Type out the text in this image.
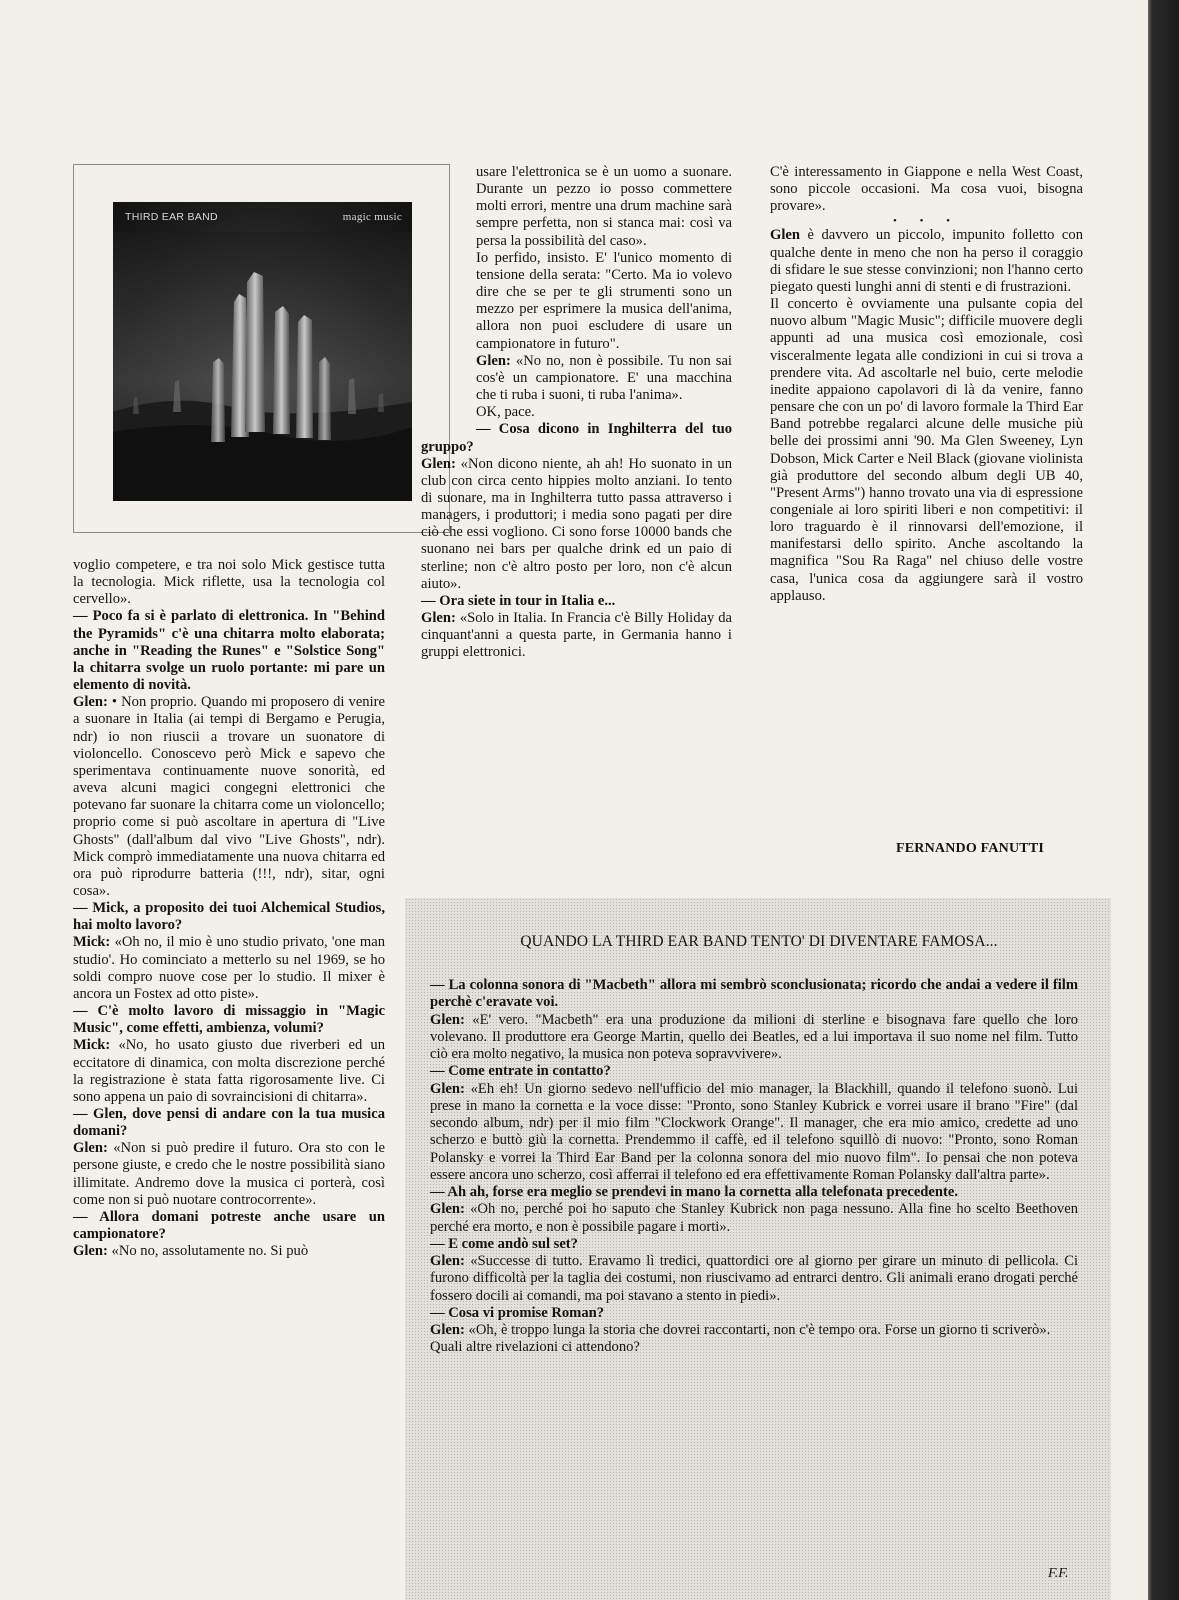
THIRD EAR BAND	magic music

voglio competere, e tra noi solo Mick gestisce tutta la tecnologia. Mick riflette, usa la tecnologia col cervello».

— Poco fa si è parlato di elettronica. In "Behind the Pyramids" c'è una chitarra molto elaborata; anche in "Reading the Runes" e "Solstice Song" la chitarra svolge un ruolo portante: mi pare un elemento di novità.

Glen: • Non proprio. Quando mi proposero di venire a suonare in Italia (ai tempi di Bergamo e Perugia, ndr) io non riuscii a trovare un suonatore di violoncello. Conoscevo però Mick e sapevo che sperimentava continuamente nuove sonorità, ed aveva alcuni magici congegni elettronici che potevano far suonare la chitarra come un violoncello; proprio come si può ascoltare in apertura di "Live Ghosts" (dall'album dal vivo "Live Ghosts", ndr). Mick comprò immediatamente una nuova chitarra ed ora può riprodurre batteria (!!!, ndr), sitar, ogni cosa».

— Mick, a proposito dei tuoi Alchemical Studios, hai molto lavoro?

Mick: «Oh no, il mio è uno studio privato, 'one man studio'. Ho cominciato a metterlo su nel 1969, se ho soldi compro nuove cose per lo studio. Il mixer è ancora un Fostex ad otto piste».

— C'è molto lavoro di missaggio in "Magic Music", come effetti, ambienza, volumi?

Mick: «No, ho usato giusto due riverberi ed un eccitatore di dinamica, con molta discrezione perché la registrazione è stata fatta rigorosamente live. Ci sono appena un paio di sovraincisioni di chitarra».

— Glen, dove pensi di andare con la tua musica domani?

Glen: «Non si può predire il futuro. Ora sto con le persone giuste, e credo che le nostre possibilità siano illimitate. Andremo dove la musica ci porterà, così come non si può nuotare controcorrente».

— Allora domani potreste anche usare un campionatore?

Glen: «No no, assolutamente no. Si può

usare l'elettronica se è un uomo a suonare. Durante un pezzo io posso commettere molti errori, mentre una drum machine sarà sempre perfetta, non si stanca mai: così va persa la possibilità del caso».

Io perfido, insisto. E' l'unico momento di tensione della serata: "Certo. Ma io volevo dire che se per te gli strumenti sono un mezzo per esprimere la musica dell'anima, allora non puoi escludere di usare un campionatore in futuro".

Glen: «No no, non è possibile. Tu non sai cos'è un campionatore. E' una macchina che ti ruba i suoni, ti ruba l'anima».

OK, pace.

— Cosa dicono in Inghilterra del tuo gruppo?

Glen: «Non dicono niente, ah ah! Ho suonato in un club con circa cento hippies molto anziani. Io tento di suonare, ma in Inghilterra tutto passa attraverso i managers, i produttori; i media sono pagati per dire ciò che essi vogliono. Ci sono forse 10000 bands che suonano nei bars per qualche drink ed un paio di sterline; non c'è altro posto per loro, non c'è alcun aiuto».

— Ora siete in tour in Italia e...

Glen: «Solo in Italia. In Francia c'è Billy Holiday da cinquant'anni a questa parte, in Germania hanno i gruppi elettronici.

C'è interessamento in Giappone e nella West Coast, sono piccole occasioni. Ma cosa vuoi, bisogna provare».

• • •

Glen è davvero un piccolo, impunito folletto con qualche dente in meno che non ha perso il coraggio di sfidare le sue stesse convinzioni; non l'hanno certo piegato questi lunghi anni di stenti e di frustrazioni.

Il concerto è ovviamente una pulsante copia del nuovo album "Magic Music"; difficile muovere degli appunti ad una musica così emozionale, così visceralmente legata alle condizioni in cui si trova a prendere vita. Ad ascoltarle nel buio, certe melodie inedite appaiono capolavori di là da venire, fanno pensare che con un po' di lavoro formale la Third Ear Band potrebbe regalarci alcune delle musiche più belle dei prossimi anni '90. Ma Glen Sweeney, Lyn Dobson, Mick Carter e Neil Black (giovane violinista già produttore del secondo album degli UB 40, "Present Arms") hanno trovato una via di espressione congeniale ai loro spiriti liberi e non competitivi: il loro traguardo è il rinnovarsi dell'emozione, il manifestarsi dello spirito. Anche ascoltando la magnifica "Sou Ra Raga" nel chiuso delle vostre casa, l'unica cosa da aggiungere sarà il vostro applauso.

FERNANDO FANUTTI
QUANDO LA THIRD EAR BAND TENTO' DI DIVENTARE FAMOSA...

— La colonna sonora di "Macbeth" allora mi sembrò sconclusionata; ricordo che andai a vedere il film perchè c'eravate voi.

Glen: «E' vero. "Macbeth" era una produzione da milioni di sterline e bisognava fare quello che loro volevano. Il produttore era George Martin, quello dei Beatles, ed a lui importava il suo nome nel film. Tutto ciò era molto negativo, la musica non poteva sopravvivere».

— Come entrate in contatto?

Glen: «Eh eh! Un giorno sedevo nell'ufficio del mio manager, la Blackhill, quando il telefono suonò. Lui prese in mano la cornetta e la voce disse: "Pronto, sono Stanley Kubrick e vorrei usare il brano "Fire" (dal secondo album, ndr) per il mio film "Clockwork Orange". Il manager, che era mio amico, credette ad uno scherzo e buttò giù la cornetta. Prendemmo il caffè, ed il telefono squillò di nuovo: "Pronto, sono Roman Polansky e vorrei la Third Ear Band per la colonna sonora del mio nuovo film". Io pensai che non poteva essere ancora uno scherzo, così afferrai il telefono ed era effettivamente Roman Polansky dall'altra parte».

— Ah ah, forse era meglio se prendevi in mano la cornetta alla telefonata precedente.

Glen: «Oh no, perché poi ho saputo che Stanley Kubrick non paga nessuno. Alla fine ho scelto Beethoven perché era morto, e non è possibile pagare i morti».

— E come andò sul set?

Glen: «Successe di tutto. Eravamo lì tredici, quattordici ore al giorno per girare un minuto di pellicola. Ci furono difficoltà per la taglia dei costumi, non riuscivamo ad entrarci dentro. Gli animali erano drogati perché fossero docili ai comandi, ma poi stavano a stento in piedi».

— Cosa vi promise Roman?

Glen: «Oh, è troppo lunga la storia che dovrei raccontarti, non c'è tempo ora. Forse un giorno ti scriverò».

Quali altre rivelazioni ci attendono?

F.F.
